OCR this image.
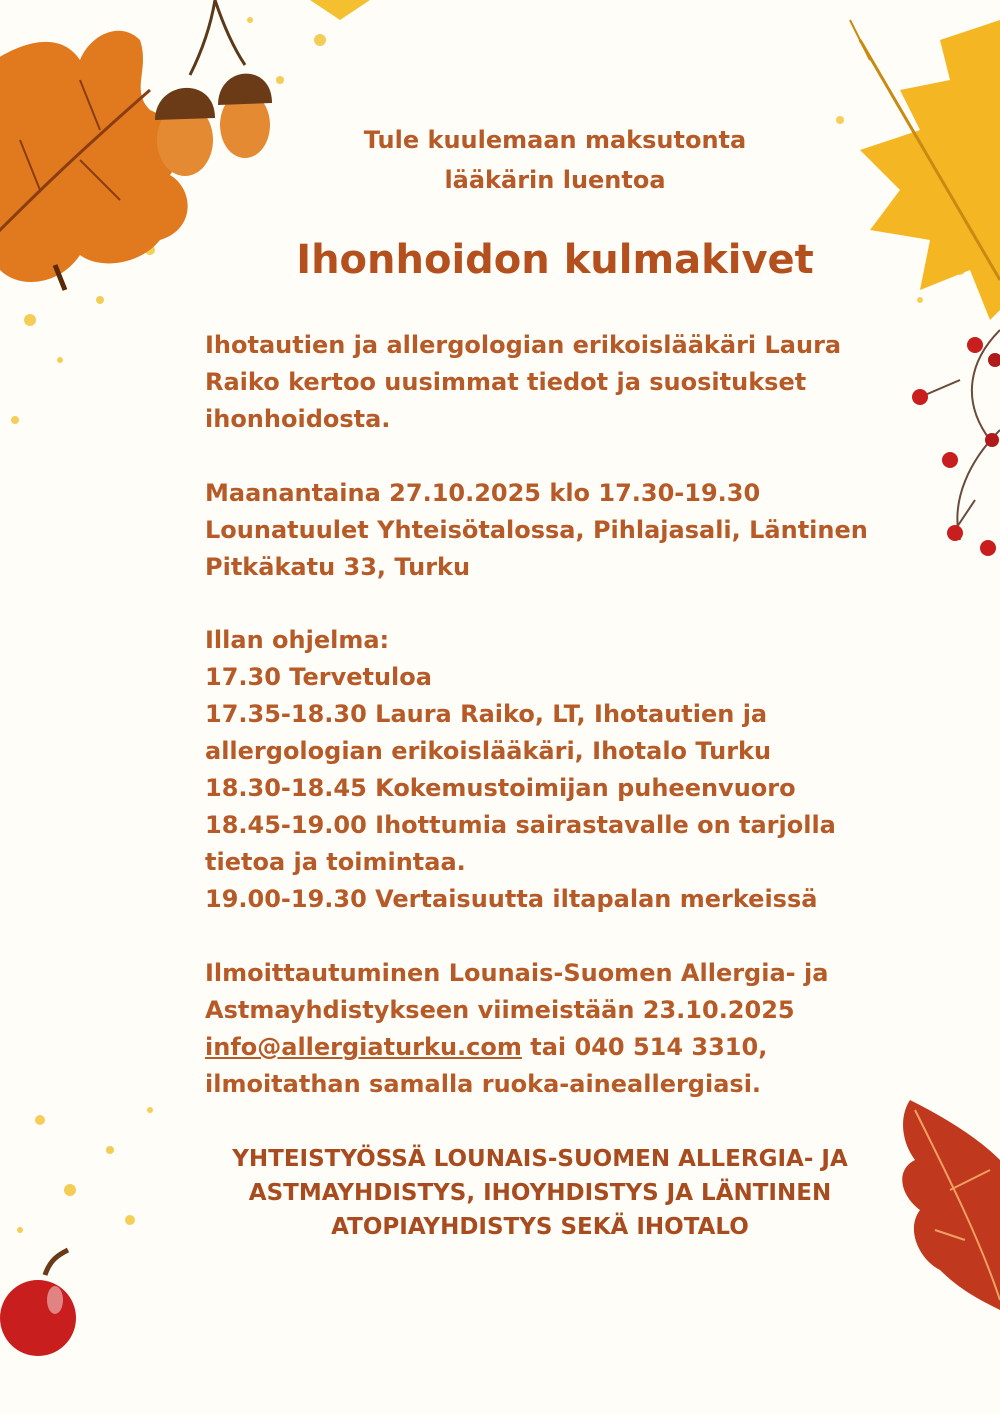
Tule kuulemaan maksutonta
lääkärin luentoa
Ihonhoidon kulmakivet
Ihotautien ja allergologian erikoislääkäri Laura
Raiko kertoo uusimmat tiedot ja suositukset
ihonhoidosta.
Maanantaina 27.10.2025 klo 17.30-19.30
Lounatuulet Yhteisötalossa, Pihlajasali, Läntinen
Pitkäkatu 33, Turku
Illan ohjelma:
17.30 Tervetuloa
17.35-18.30 Laura Raiko, LT, Ihotautien ja
allergologian erikoislääkäri, Ihotalo Turku
18.30-18.45 Kokemustoimijan puheenvuoro
18.45-19.00 Ihottumia sairastavalle on tarjolla
tietoa ja toimintaa.
19.00-19.30 Vertaisuutta iltapalan merkeissä
Ilmoittautuminen Lounais-Suomen Allergia- ja
Astmayhdistykseen viimeistään 23.10.2025
info@allergiaturku.com tai 040 514 3310,
ilmoitathan samalla ruoka-aineallergiasi.
YHTEISTYÖSSÄ LOUNAIS-SUOMEN ALLERGIA- JA
ASTMAYHDISTYS, IHOYHDISTYS JA LÄNTINEN
ATOPIAYHDISTYS SEKÄ IHOTALO
